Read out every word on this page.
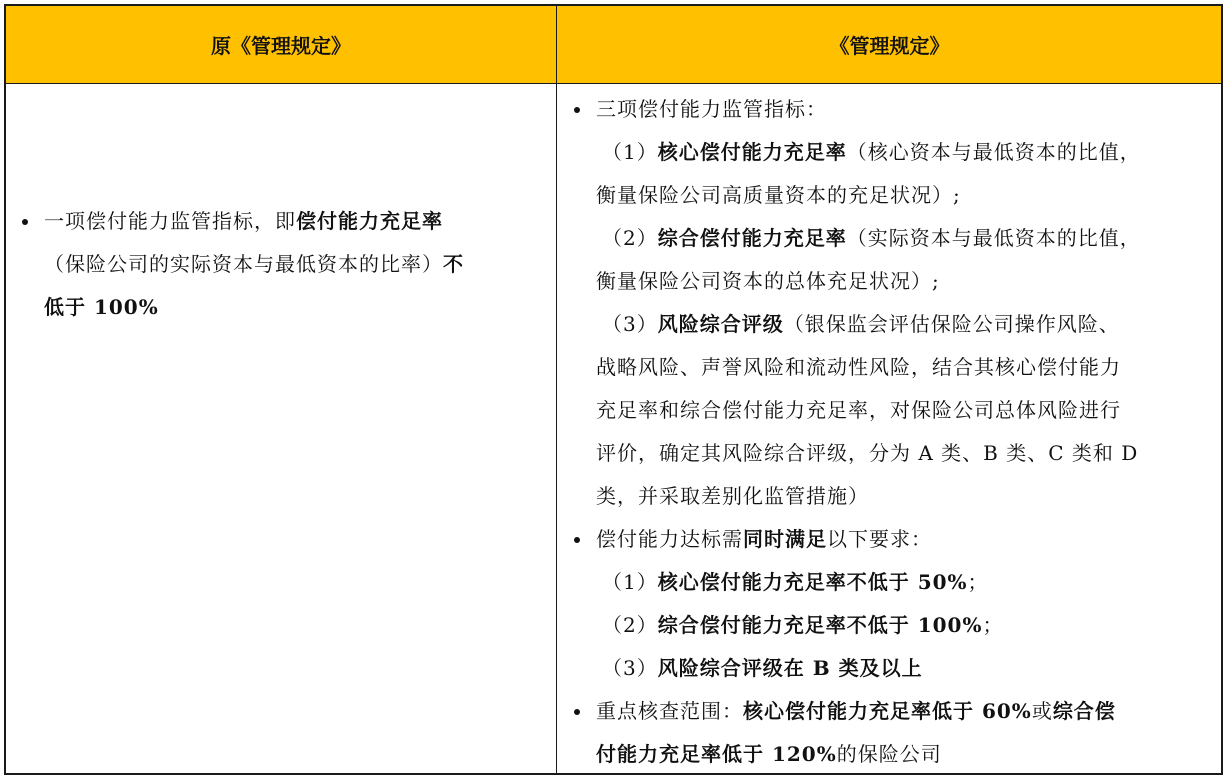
原《管理规定》	《管理规定》
一项偿付能力监管指标，即偿付能力充足率
（保险公司的实际资本与最低资本的比率）不
低于 100%
三项偿付能力监管指标：
（1）核心偿付能力充足率（核心资本与最低资本的比值，
衡量保险公司高质量资本的充足状况）;
（2）综合偿付能力充足率（实际资本与最低资本的比值，
衡量保险公司资本的总体充足状况）;
（3）风险综合评级（银保监会评估保险公司操作风险、
战略风险、声誉风险和流动性风险，结合其核心偿付能力
充足率和综合偿付能力充足率，对保险公司总体风险进行
评价，确定其风险综合评级，分为 A 类、B 类、C 类和 D
类，并采取差别化监管措施）
偿付能力达标需同时满足以下要求：
（1）核心偿付能力充足率不低于 50%；
（2）综合偿付能力充足率不低于 100%；
（3）风险综合评级在 B 类及以上
重点核查范围：核心偿付能力充足率低于 60%或综合偿
付能力充足率低于 120%的保险公司
